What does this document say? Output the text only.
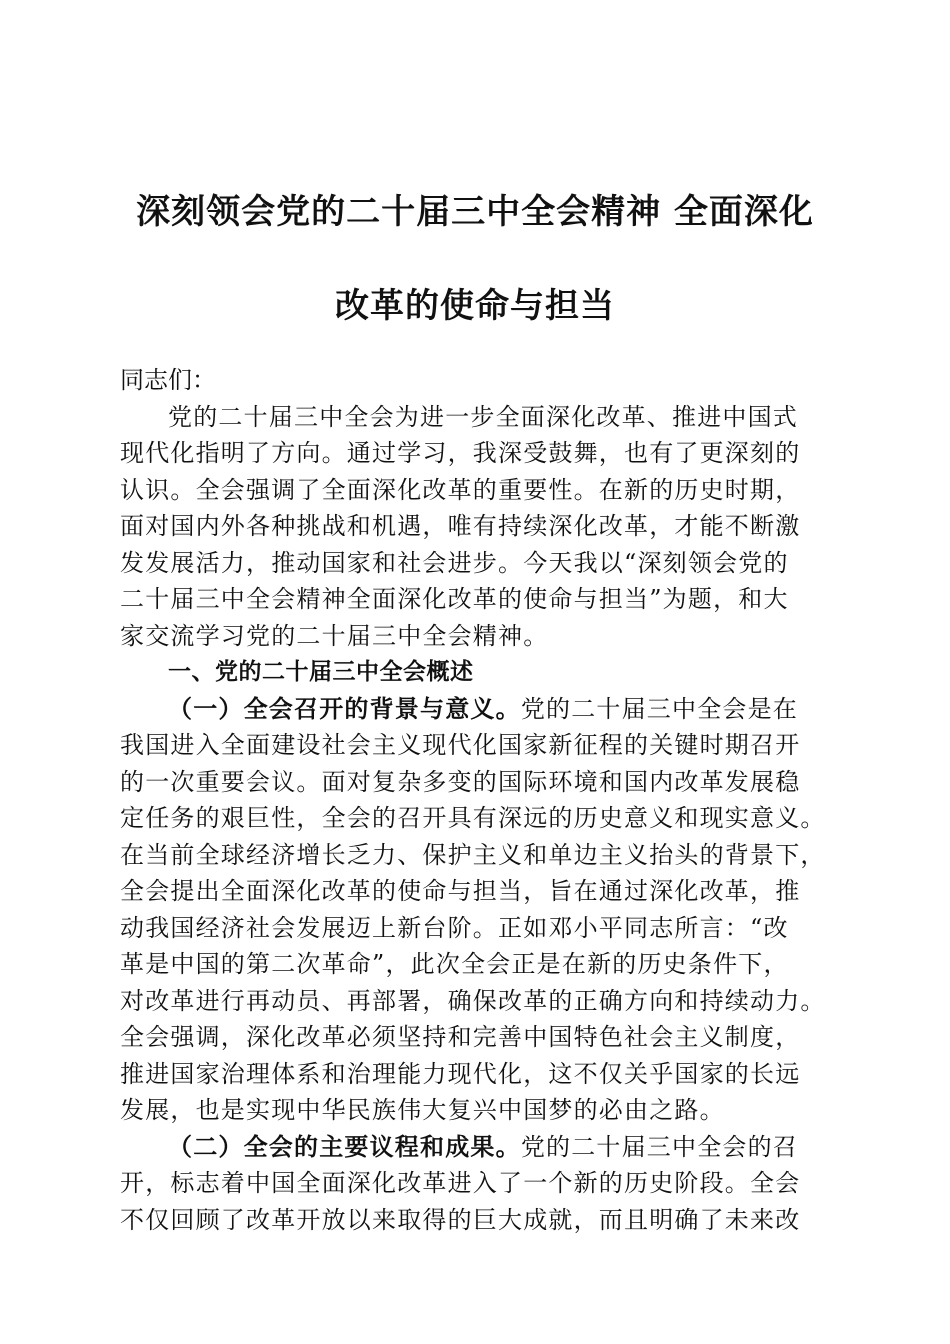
深刻领会党的二十届三中全会精神 全面深化
改革的使命与担当

同志们：

党的二十届三中全会为进一步全面深化改革、推进中国式
现代化指明了方向。通过学习，我深受鼓舞，也有了更深刻的
认识。全会强调了全面深化改革的重要性。在新的历史时期，
面对国内外各种挑战和机遇，唯有持续深化改革，才能不断激
发发展活力，推动国家和社会进步。今天我以“深刻领会党的
二十届三中全会精神全面深化改革的使命与担当”为题，和大
家交流学习党的二十届三中全会精神。

一、党的二十届三中全会概述

（一）全会召开的背景与意义。党的二十届三中全会是在
我国进入全面建设社会主义现代化国家新征程的关键时期召开
的一次重要会议。面对复杂多变的国际环境和国内改革发展稳
定任务的艰巨性，全会的召开具有深远的历史意义和现实意义。
在当前全球经济增长乏力、保护主义和单边主义抬头的背景下，
全会提出全面深化改革的使命与担当，旨在通过深化改革，推
动我国经济社会发展迈上新台阶。正如邓小平同志所言：“改
革是中国的第二次革命”，此次全会正是在新的历史条件下，
对改革进行再动员、再部署，确保改革的正确方向和持续动力。
全会强调，深化改革必须坚持和完善中国特色社会主义制度，
推进国家治理体系和治理能力现代化，这不仅关乎国家的长远
发展，也是实现中华民族伟大复兴中国梦的必由之路。
（二）全会的主要议程和成果。党的二十届三中全会的召
开，标志着中国全面深化改革进入了一个新的历史阶段。全会
不仅回顾了改革开放以来取得的巨大成就，而且明确了未来改
